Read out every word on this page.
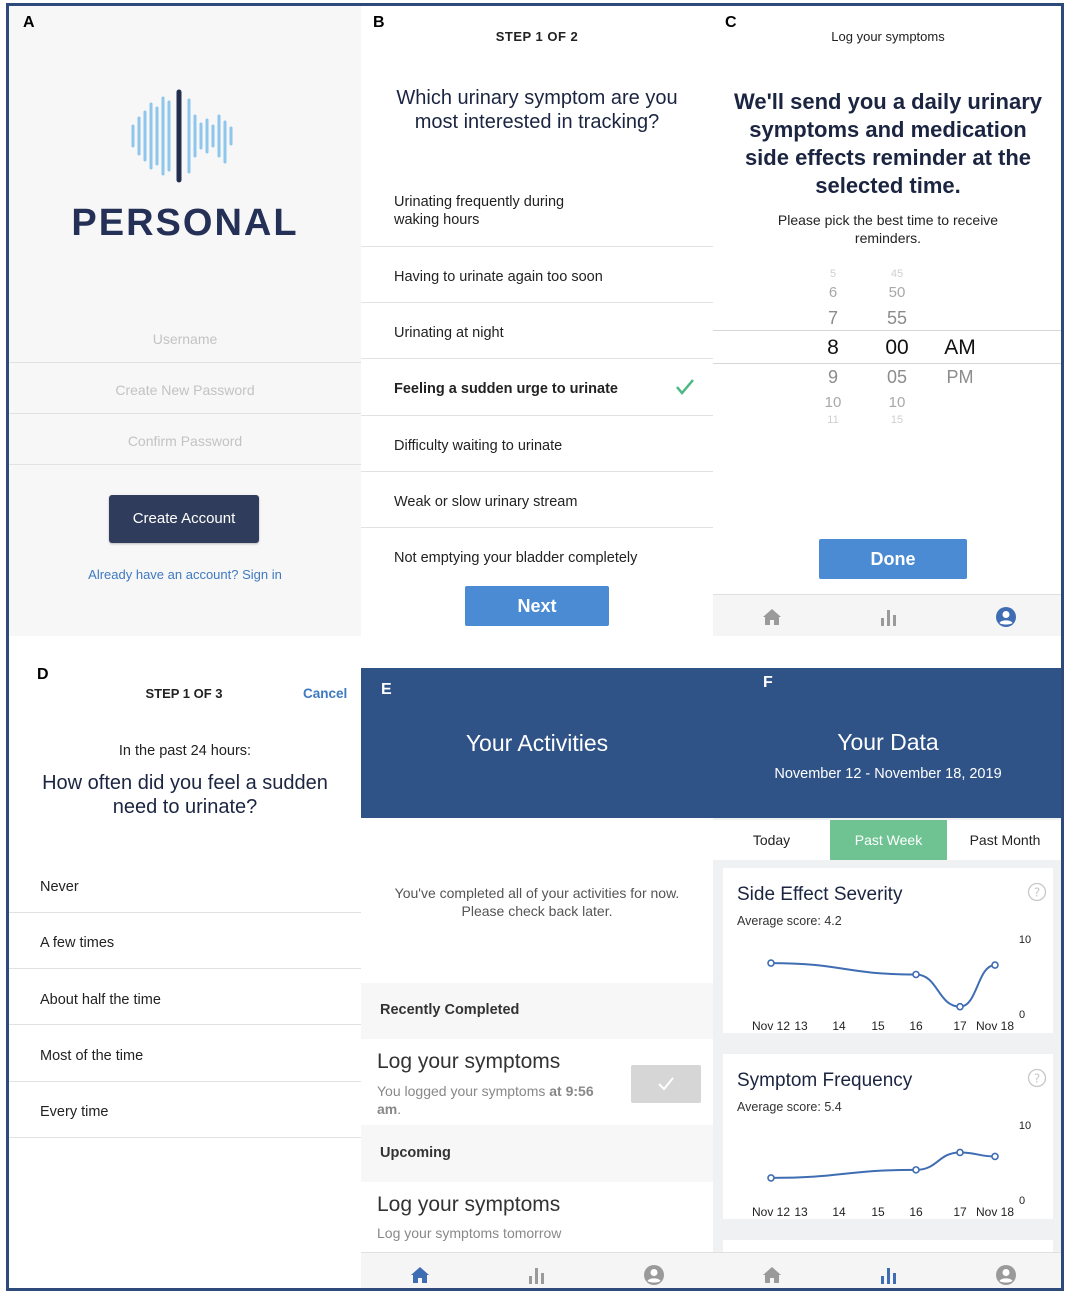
A
PERSONAL
Username
Create New Password
Confirm Password
Create Account
Already have an account? Sign in
B
STEP 1 OF 2
Which urinary symptom are you most interested in tracking?
Urinating frequently during waking hours
Having to urinate again too soon
Urinating at night
Feeling a sudden urge to urinate
Difficulty waiting to urinate
Weak or slow urinary stream
Not emptying your bladder completely
Next
C
Log your symptoms
We'll send you a daily urinary symptoms and medication side effects reminder at the selected time.
Please pick the best time to receive reminders.
5
6
7
8
9
10
11
45
50
55
00
05
10
15
AM
PM
Done
D
STEP 1 OF 3	Cancel
In the past 24 hours:
How often did you feel a sudden need to urinate?
Never
A few times
About half the time
Most of the time
Every time
E
Your Activities
You've completed all of your activities for now. Please check back later.
Recently Completed
Log your symptoms
You logged your symptoms at 9:56 am.
Upcoming
Log your symptoms
Log your symptoms tomorrow
F
Your Data
November 12 - November 18, 2019
Today	Past Week	Past Month
Side Effect Severity
Average score: 4.2
?
10
0
Nov 12 13 14 15 16	17 Nov 18
Symptom Frequency
Average score: 5.4
?
10
0
Nov 12 13 14 15 16	17 Nov 18
